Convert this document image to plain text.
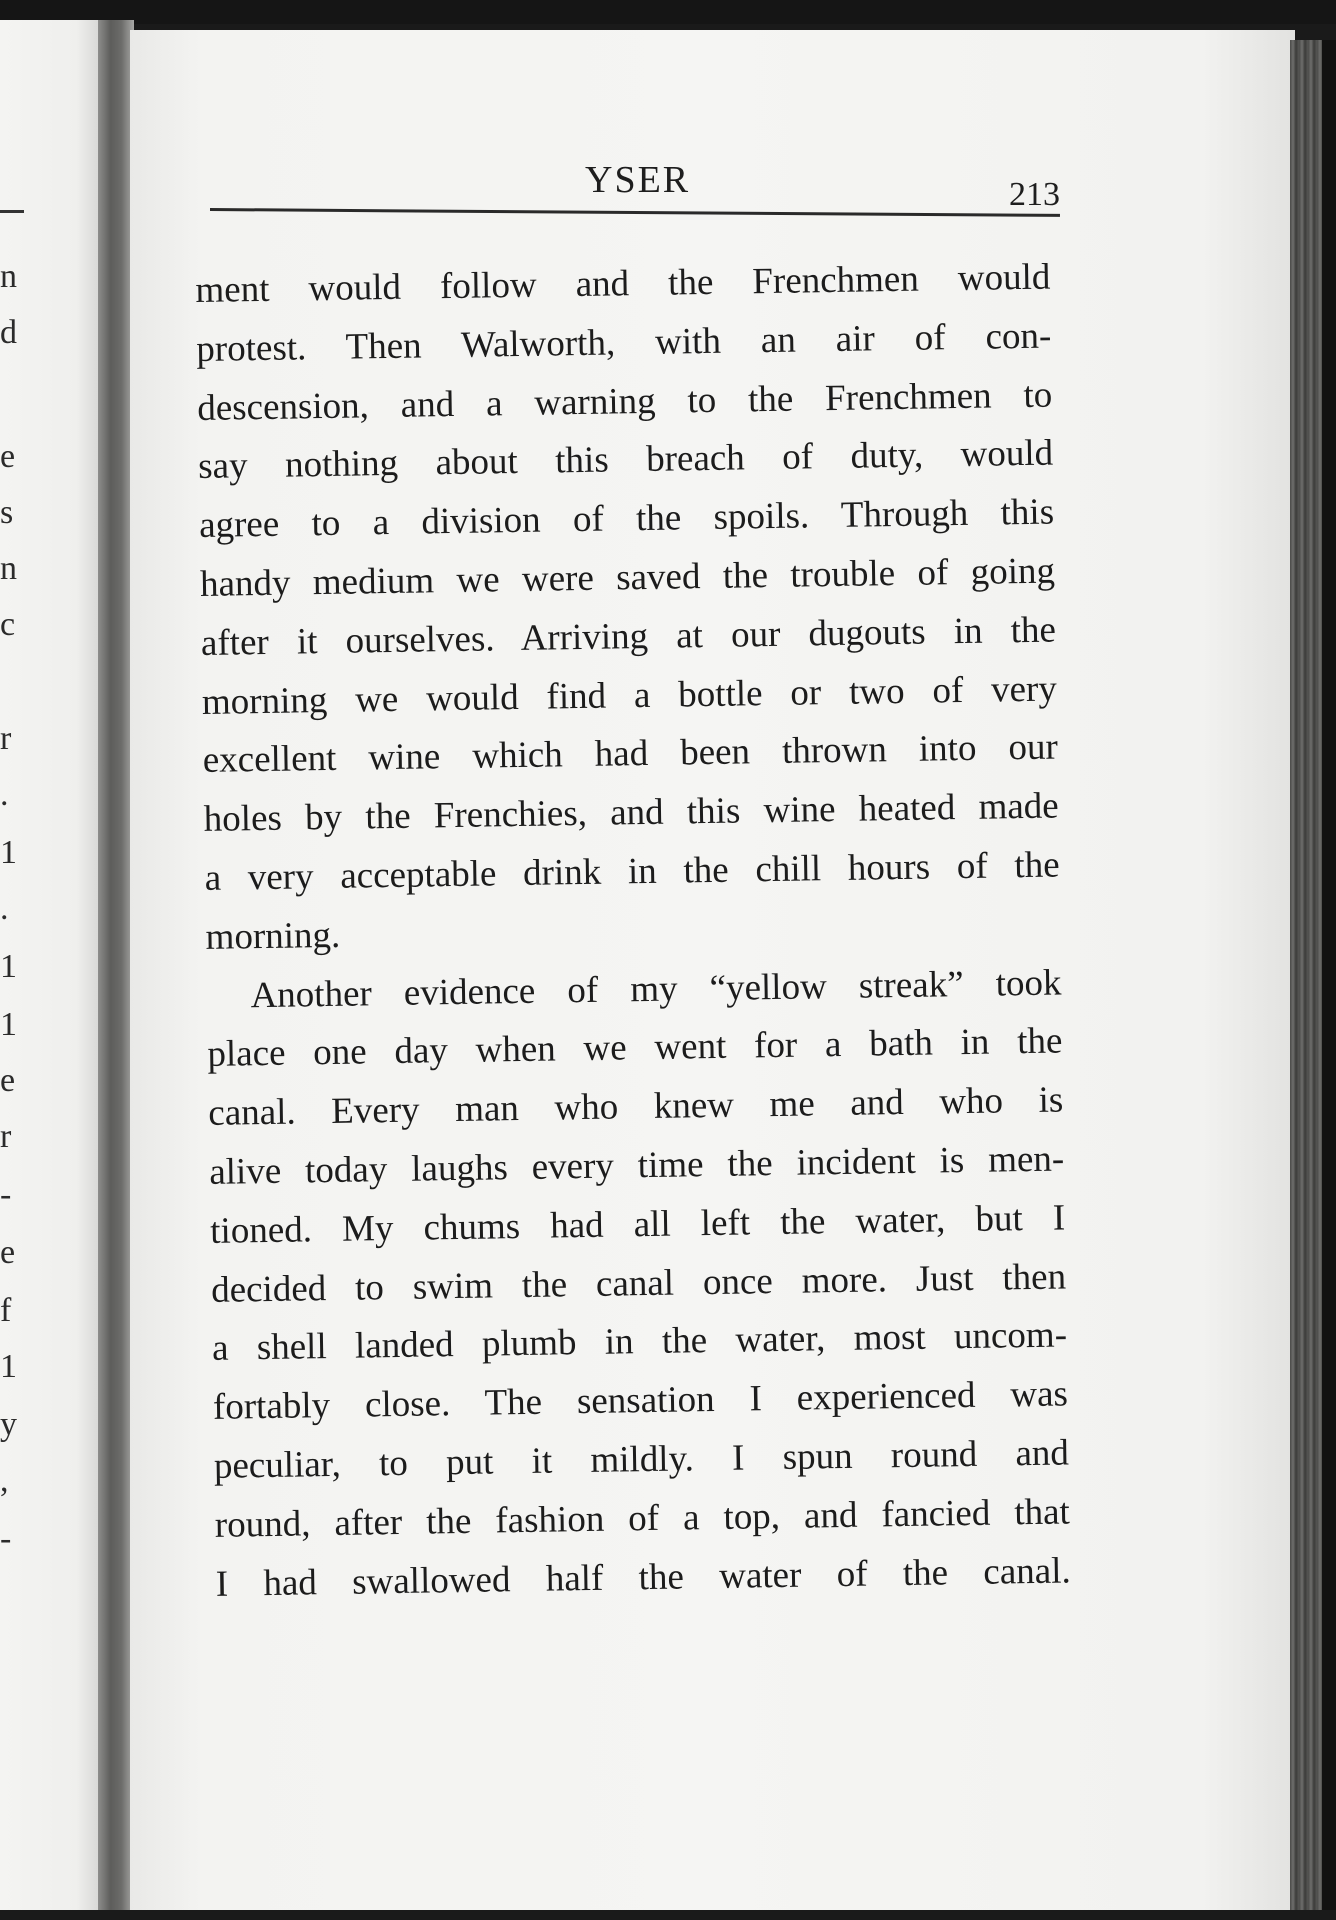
n
d
e
s
n
c
r
.
1
.
1
1
e
r
-
e
f
1
y
,
-
YSER	213
ment would follow and the Frenchmen would
protest. Then Walworth, with an air of con-
descension, and a warning to the Frenchmen to
say nothing about this breach of duty, would
agree to a division of the spoils. Through this
handy medium we were saved the trouble of going
after it ourselves. Arriving at our dugouts in the
morning we would find a bottle or two of very
excellent wine which had been thrown into our
holes by the Frenchies, and this wine heated made
a very acceptable drink in the chill hours of the
morning.
Another evidence of my “yellow streak” took
place one day when we went for a bath in the
canal. Every man who knew me and who is
alive today laughs every time the incident is men-
tioned. My chums had all left the water, but I
decided to swim the canal once more. Just then
a shell landed plumb in the water, most uncom-
fortably close. The sensation I experienced was
peculiar, to put it mildly. I spun round and
round, after the fashion of a top, and fancied that
I had swallowed half the water of the canal.
